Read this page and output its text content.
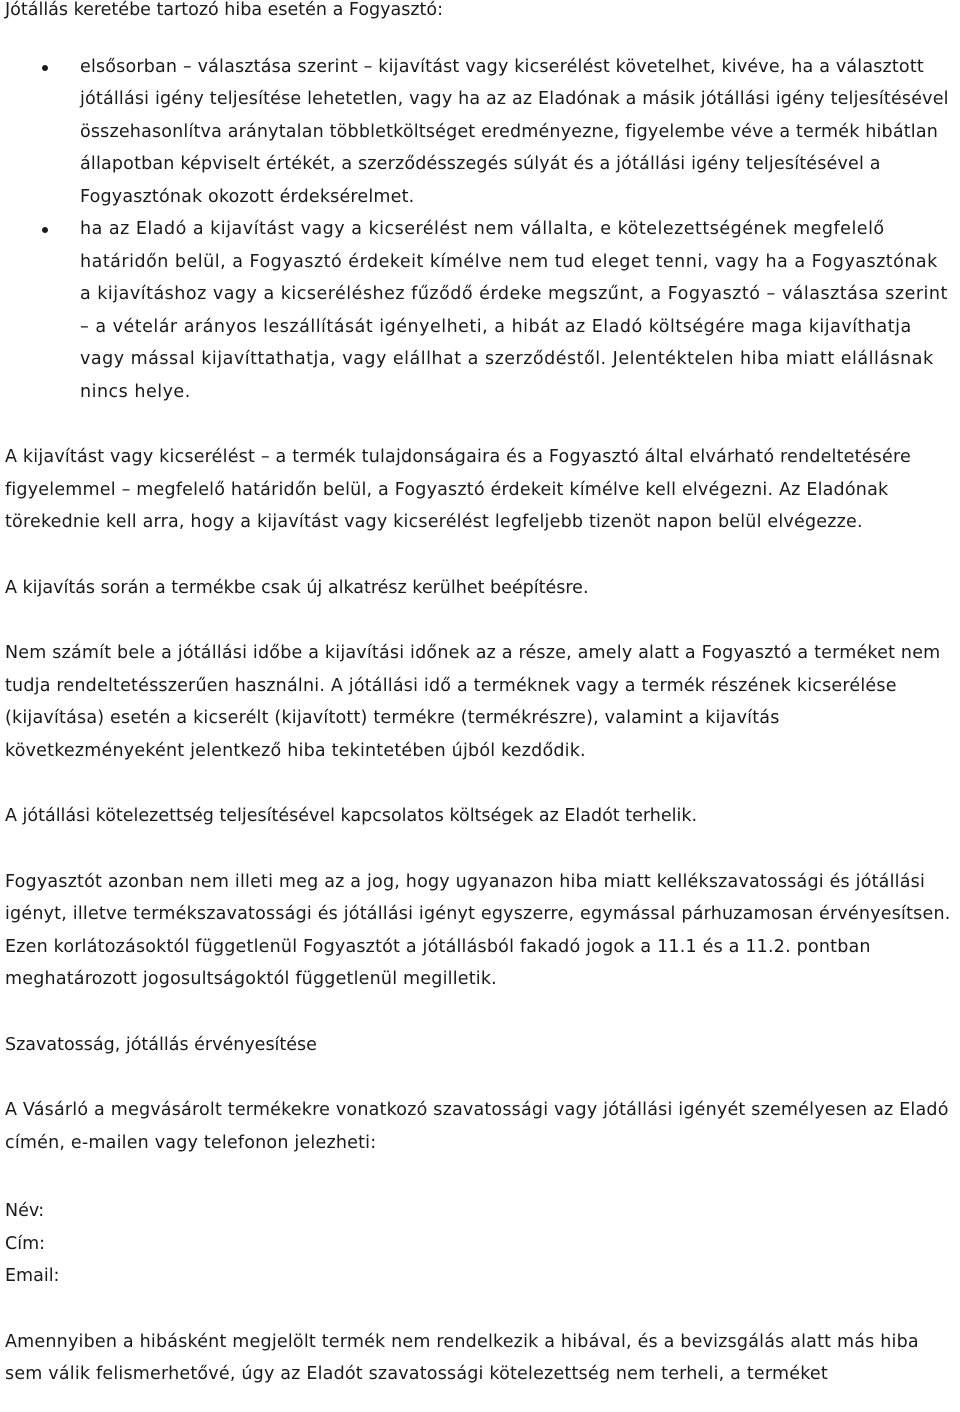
Jótállás keretébe tartozó hiba esetén a Fogyasztó:

elsősorban – választása szerint – kijavítást vagy kicserélést követelhet, kivéve, ha a választott jótállási igény teljesítése lehetetlen, vagy ha az az Eladónak a másik jótállási igény teljesítésével összehasonlítva aránytalan többletköltséget eredményezne, figyelembe véve a termék hibátlan állapotban képviselt értékét, a szerződésszegés súlyát és a jótállási igény teljesítésével a Fogyasztónak okozott érdeksérelmet.
ha az Eladó a kijavítást vagy a kicserélést nem vállalta, e kötelezettségének megfelelő határidőn belül, a Fogyasztó érdekeit kímélve nem tud eleget tenni, vagy ha a Fogyasztónak a kijavításhoz vagy a kicseréléshez fűződő érdeke megszűnt, a Fogyasztó – választása szerint – a vételár arányos leszállítását igényelheti, a hibát az Eladó költségére maga kijavíthatja vagy mással kijavíttathatja, vagy elállhat a szerződéstől. Jelentéktelen hiba miatt elállásnak nincs helye.

A kijavítást vagy kicserélést – a termék tulajdonságaira és a Fogyasztó által elvárható rendeltetésére figyelemmel – megfelelő határidőn belül, a Fogyasztó érdekeit kímélve kell elvégezni. Az Eladónak törekednie kell arra, hogy a kijavítást vagy kicserélést legfeljebb tizenöt napon belül elvégezze.

A kijavítás során a termékbe csak új alkatrész kerülhet beépítésre.

Nem számít bele a jótállási időbe a kijavítási időnek az a része, amely alatt a Fogyasztó a terméket nem tudja rendeltetésszerűen használni. A jótállási idő a terméknek vagy a termék részének kicserélése (kijavítása) esetén a kicserélt (kijavított) termékre (termékrészre), valamint a kijavítás következményeként jelentkező hiba tekintetében újból kezdődik.

A jótállási kötelezettség teljesítésével kapcsolatos költségek az Eladót terhelik.

Fogyasztót azonban nem illeti meg az a jog, hogy ugyanazon hiba miatt kellékszavatossági és jótállási igényt, illetve termékszavatossági és jótállási igényt egyszerre, egymással párhuzamosan érvényesítsen. Ezen korlátozásoktól függetlenül Fogyasztót a jótállásból fakadó jogok a 11.1 és a 11.2. pontban meghatározott jogosultságoktól függetlenül megilletik.

Szavatosság, jótállás érvényesítése

A Vásárló a megvásárolt termékekre vonatkozó szavatossági vagy jótállási igényét személyesen az Eladó címén, e-mailen vagy telefonon jelezheti:

Név:

Cím:

Email:

Amennyiben a hibásként megjelölt termék nem rendelkezik a hibával, és a bevizsgálás alatt más hiba sem válik felismerhetővé, úgy az Eladót szavatossági kötelezettség nem terheli, a terméket
